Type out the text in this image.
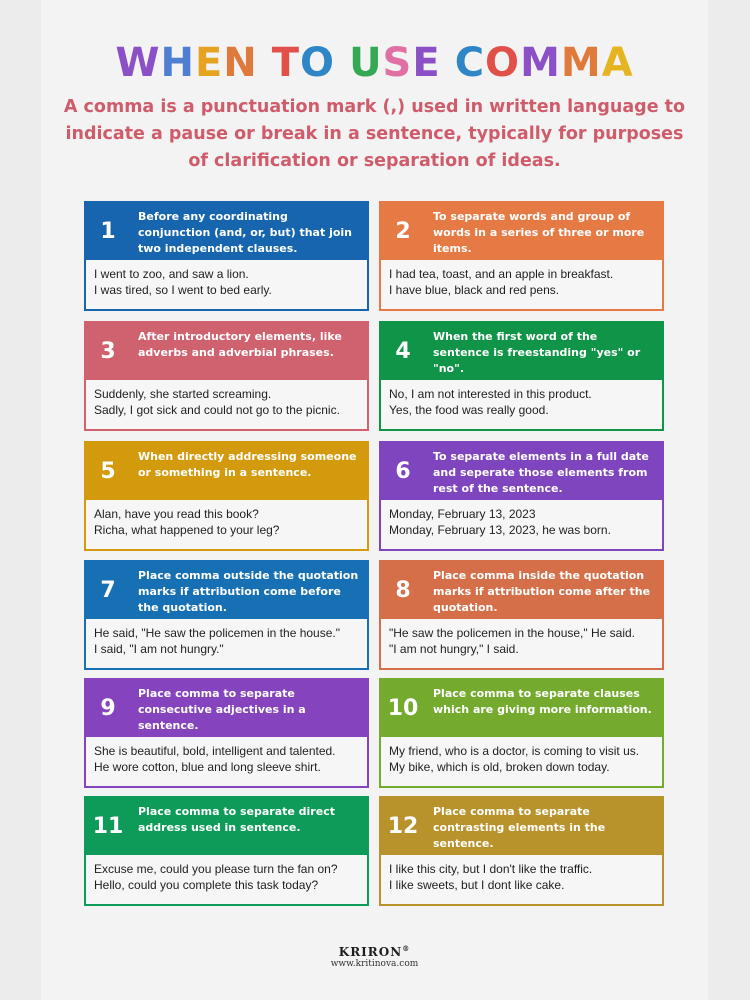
WHEN TO USE COMMA

A comma is a punctuation mark (,) used in written language to indicate a pause or break in a sentence, typically for purposes of clarification or separation of ideas.

1
Before any coordinating conjunction (and, or, but) that join two independent clauses.
I went to zoo, and saw a lion.
I was tired, so I went to bed early.
2
To separate words and group of words in a series of three or more items.
I had tea, toast, and an apple in breakfast.
I have blue, black and red pens.
3
After introductory elements, like adverbs and adverbial phrases.
Suddenly, she started screaming.
Sadly, I got sick and could not go to the picnic.
4
When the first word of the sentence is freestanding "yes" or "no".
No, I am not interested in this product.
Yes, the food was really good.
5
When directly addressing someone or something in a sentence.
Alan, have you read this book?
Richa, what happened to your leg?
6
To separate elements in a full date and seperate those elements from rest of the sentence.
Monday, February 13, 2023
Monday, February 13, 2023, he was born.
7
Place comma outside the quotation marks if attribution come before the quotation.
He said, "He saw the policemen in the house."
I said, "I am not hungry."
8
Place comma inside the quotation marks if attribution come after the quotation.
"He saw the policemen in the house," He said.
"I am not hungry," I said.
9
Place comma to separate consecutive adjectives in a sentence.
She is beautiful, bold, intelligent and talented.
He wore cotton, blue and long sleeve shirt.
10
Place comma to separate clauses which are giving more information.
My friend, who is a doctor, is coming to visit us.
My bike, which is old, broken down today.
11
Place comma to separate direct address used in sentence.
Excuse me, could you please turn the fan on?
Hello, could you complete this task today?
12
Place comma to separate contrasting elements in the sentence.
I like this city, but I don't like the traffic.
I like sweets, but I dont like cake.
KRIRON®
www.kritinova.com
